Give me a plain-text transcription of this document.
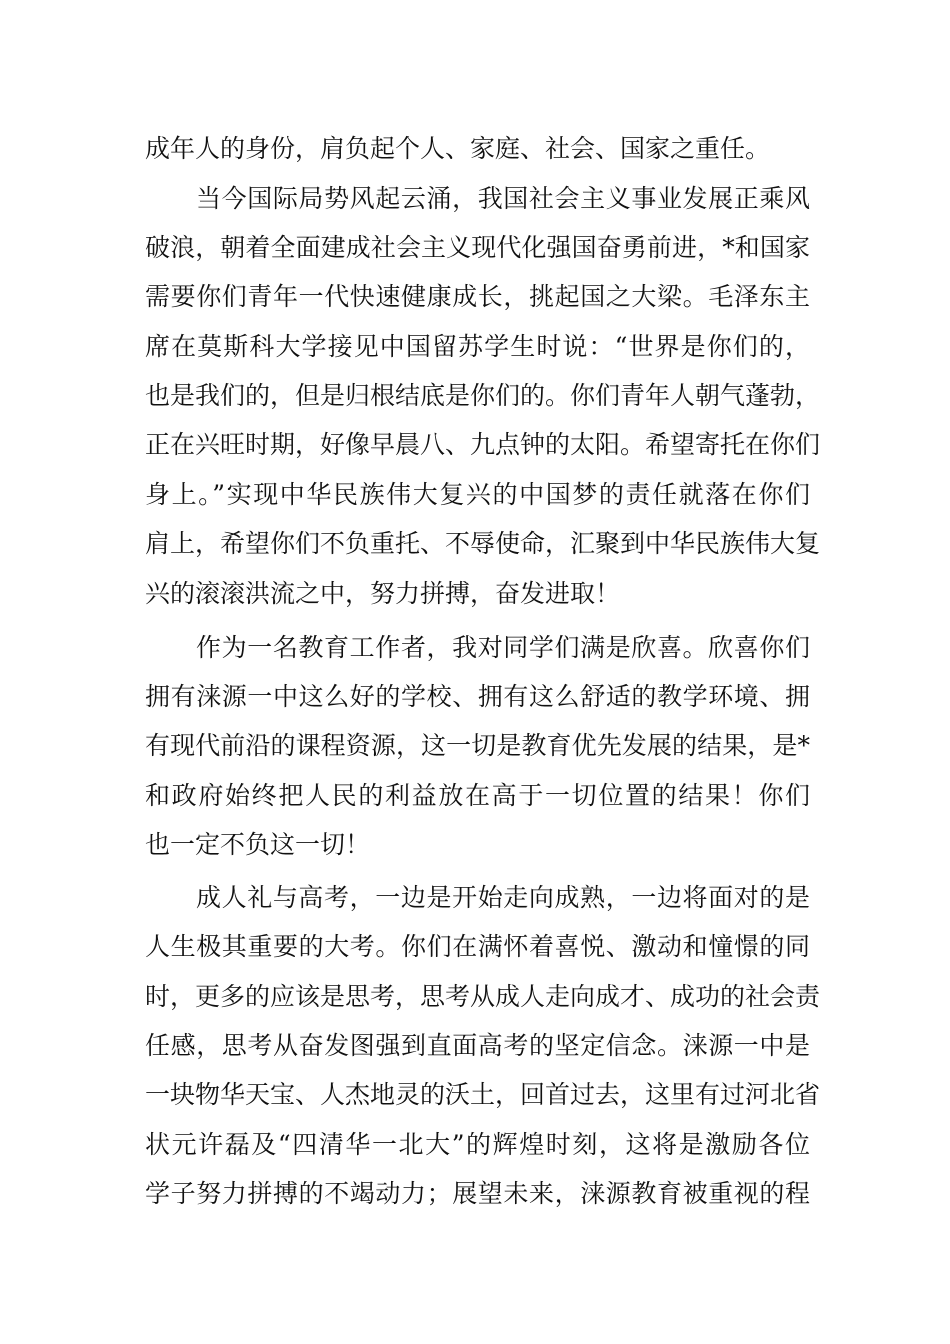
成年人的身份，肩负起个人、家庭、社会、国家之重任。
当今国际局势风起云涌，我国社会主义事业发展正乘风
破浪，朝着全面建成社会主义现代化强国奋勇前进，*和国家
需要你们青年一代快速健康成长，挑起国之大梁。毛泽东主
席在莫斯科大学接见中国留苏学生时说：“世界是你们的，
也是我们的，但是归根结底是你们的。你们青年人朝气蓬勃，
正在兴旺时期，好像早晨八、九点钟的太阳。希望寄托在你们
身上。”实现中华民族伟大复兴的中国梦的责任就落在你们
肩上，希望你们不负重托、不辱使命，汇聚到中华民族伟大复
兴的滚滚洪流之中，努力拼搏，奋发进取！
作为一名教育工作者，我对同学们满是欣喜。欣喜你们
拥有涞源一中这么好的学校、拥有这么舒适的教学环境、拥
有现代前沿的课程资源，这一切是教育优先发展的结果，是*
和政府始终把人民的利益放在高于一切位置的结果！你们
也一定不负这一切！
成人礼与高考，一边是开始走向成熟，一边将面对的是
人生极其重要的大考。你们在满怀着喜悦、激动和憧憬的同
时，更多的应该是思考，思考从成人走向成才、成功的社会责
任感，思考从奋发图强到直面高考的坚定信念。涞源一中是
一块物华天宝、人杰地灵的沃土，回首过去，这里有过河北省
状元许磊及“四清华一北大”的辉煌时刻，这将是激励各位
学子努力拼搏的不竭动力；展望未来，涞源教育被重视的程
